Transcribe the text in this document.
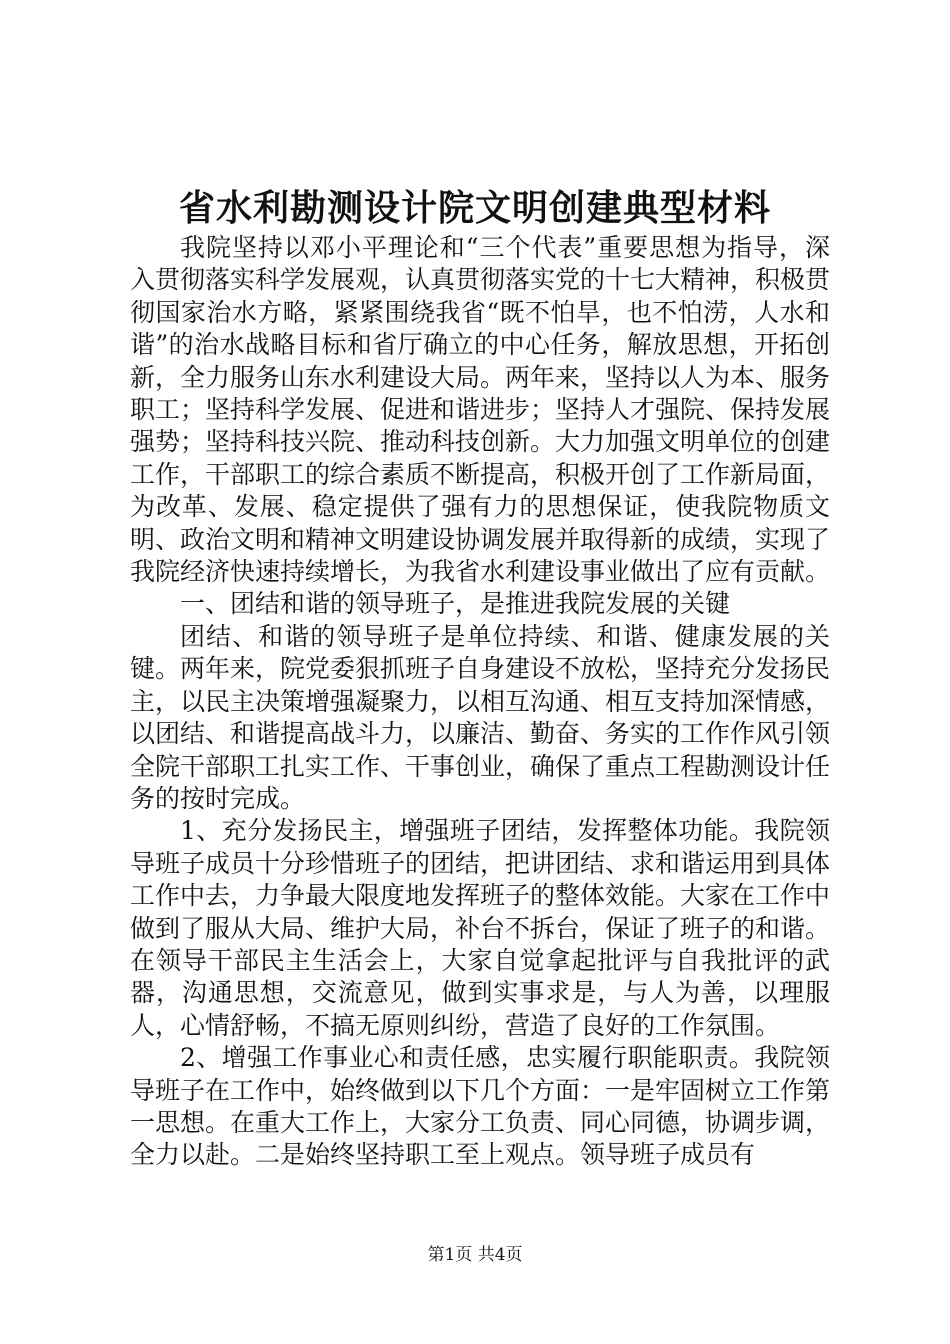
省水利勘测设计院文明创建典型材料

我院坚持以邓小平理论和“三个代表”重要思想为指导，深入贯彻落实科学发展观，认真贯彻落实党的十七大精神，积极贯彻国家治水方略，紧紧围绕我省“既不怕旱，也不怕涝，人水和谐”的治水战略目标和省厅确立的中心任务，解放思想，开拓创新，全力服务山东水利建设大局。两年来，坚持以人为本、服务职工；坚持科学发展、促进和谐进步；坚持人才强院、保持发展强势；坚持科技兴院、推动科技创新。大力加强文明单位的创建工作，干部职工的综合素质不断提高，积极开创了工作新局面，为改革、发展、稳定提供了强有力的思想保证，使我院物质文明、政治文明和精神文明建设协调发展并取得新的成绩，实现了我院经济快速持续增长，为我省水利建设事业做出了应有贡献。

一、团结和谐的领导班子，是推进我院发展的关键

团结、和谐的领导班子是单位持续、和谐、健康发展的关键。两年来，院党委狠抓班子自身建设不放松，坚持充分发扬民主，以民主决策增强凝聚力，以相互沟通、相互支持加深情感，以团结、和谐提高战斗力，以廉洁、勤奋、务实的工作作风引领全院干部职工扎实工作、干事创业，确保了重点工程勘测设计任务的按时完成。

1、充分发扬民主，增强班子团结，发挥整体功能。我院领导班子成员十分珍惜班子的团结，把讲团结、求和谐运用到具体工作中去，力争最大限度地发挥班子的整体效能。大家在工作中做到了服从大局、维护大局，补台不拆台，保证了班子的和谐。在领导干部民主生活会上，大家自觉拿起批评与自我批评的武器，沟通思想，交流意见，做到实事求是，与人为善，以理服人，心情舒畅，不搞无原则纠纷，营造了良好的工作氛围。

2、增强工作事业心和责任感，忠实履行职能职责。我院领导班子在工作中，始终做到以下几个方面：一是牢固树立工作第一思想。在重大工作上，大家分工负责、同心同德，协调步调，全力以赴。二是始终坚持职工至上观点。领导班子成员有

第1页 共4页
